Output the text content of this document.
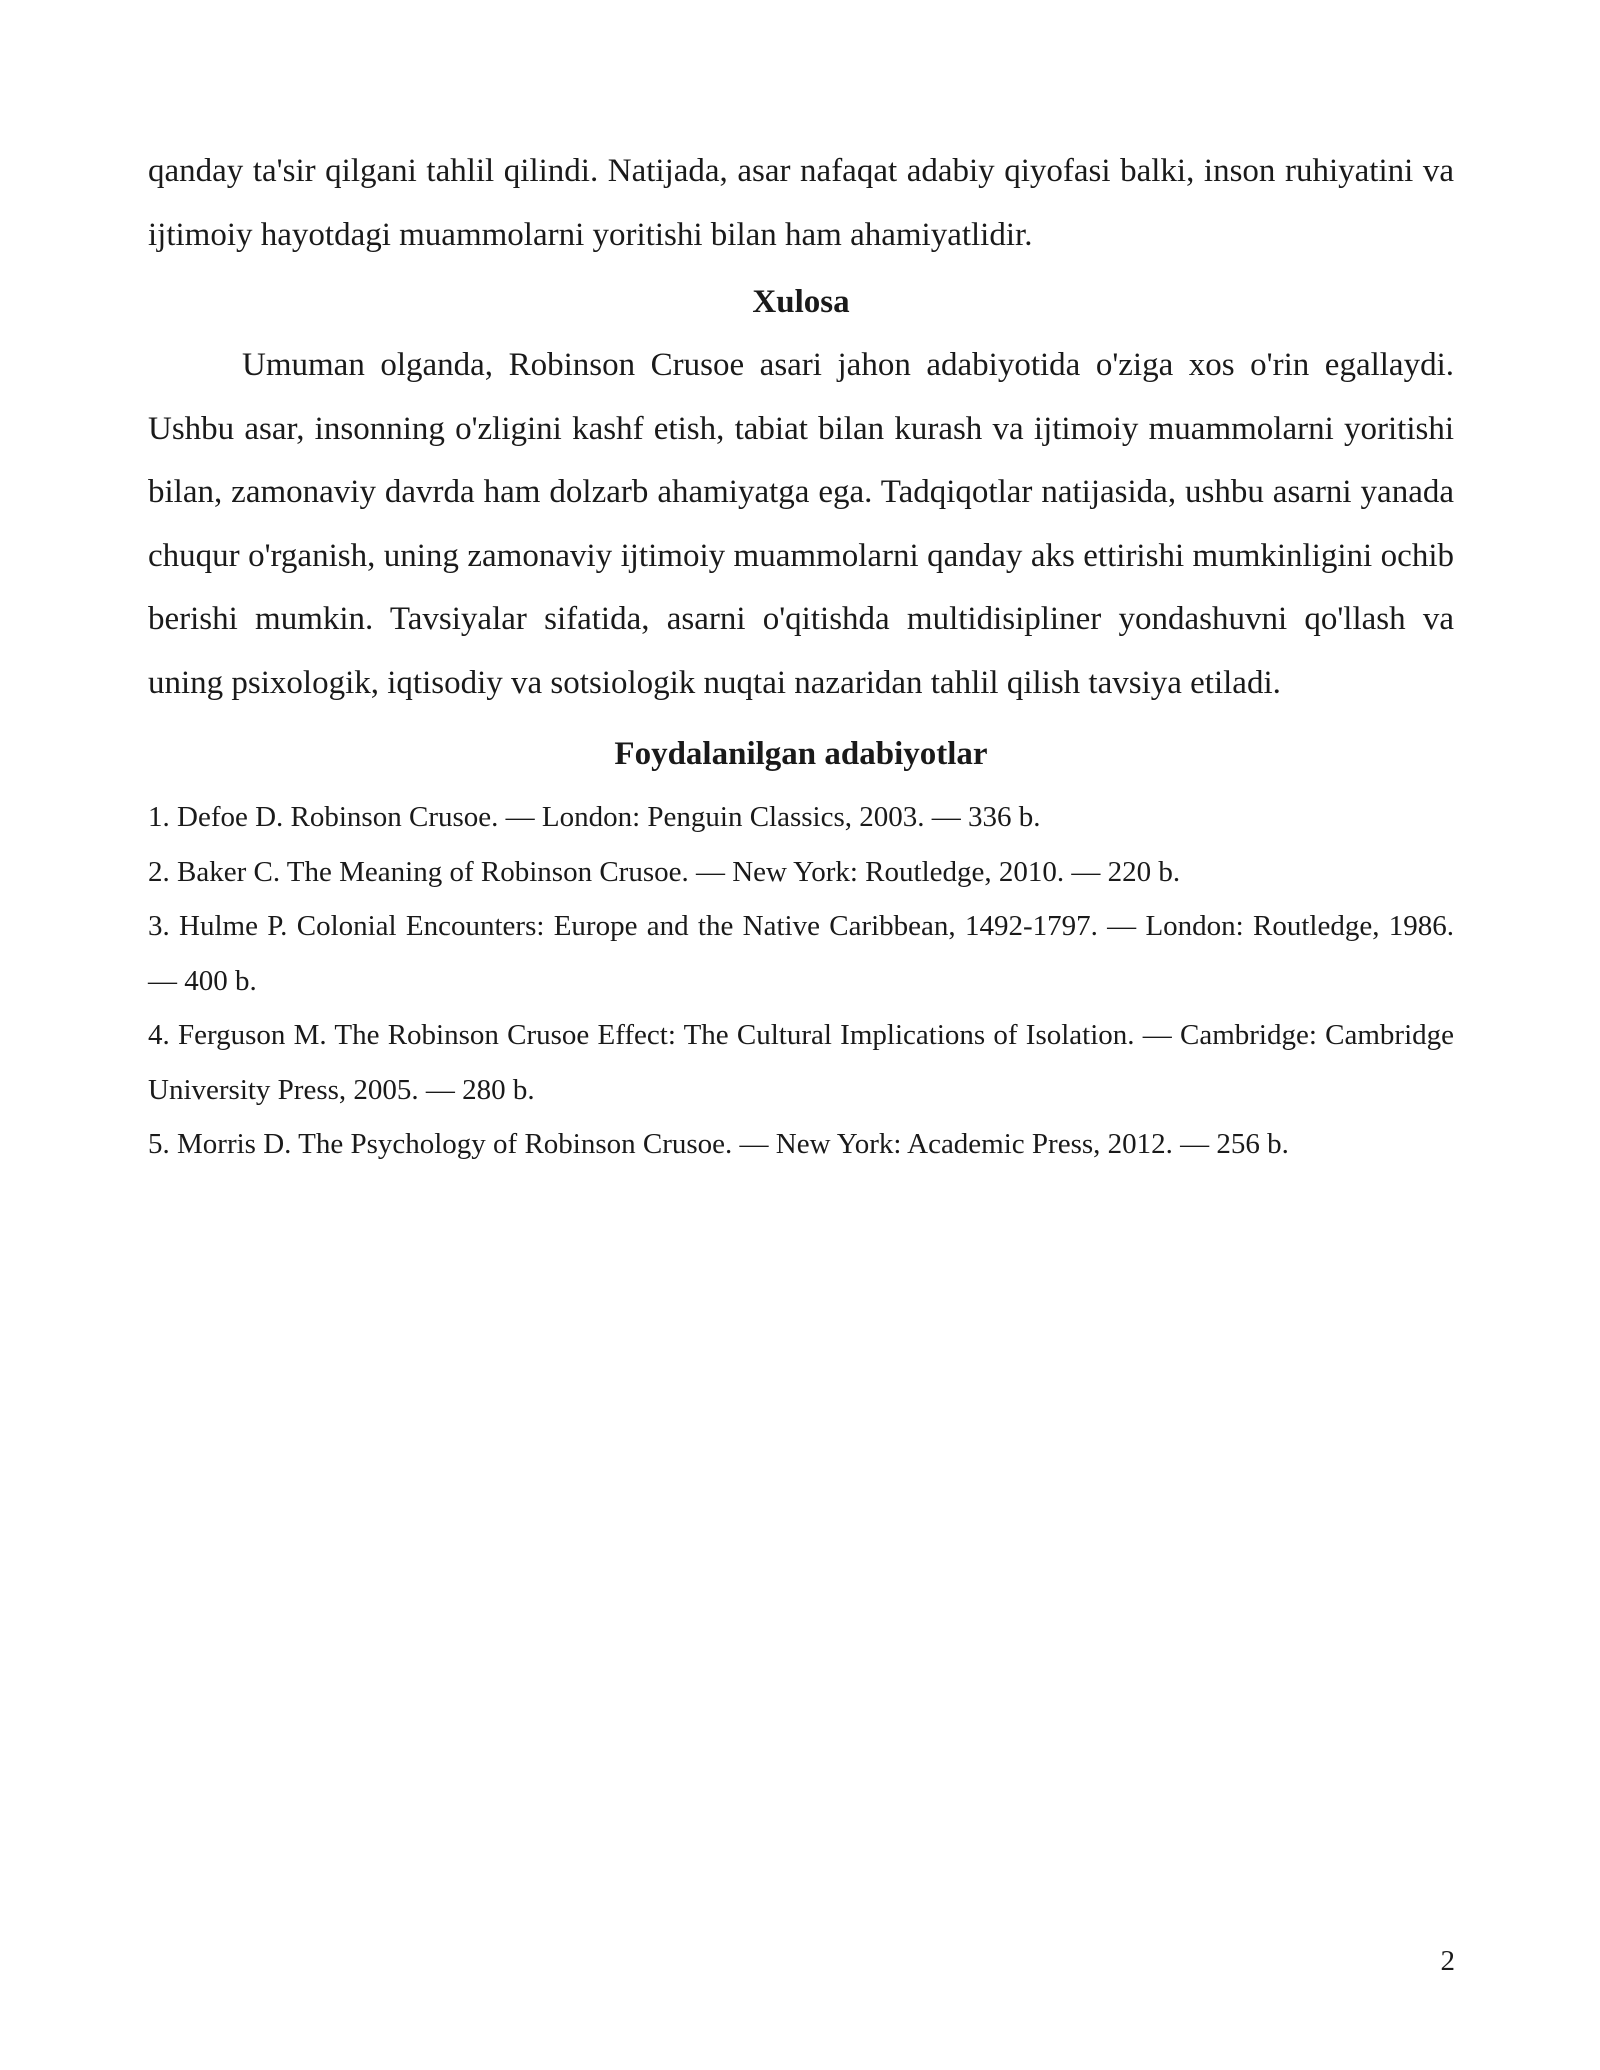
qanday ta'sir qilgani tahlil qilindi. Natijada, asar nafaqat adabiy qiyofasi balki, inson ruhiyatini va ijtimoiy hayotdagi muammolarni yoritishi bilan ham ahamiyatlidir.

Xulosa

Umuman olganda, Robinson Crusoe asari jahon adabiyotida o'ziga xos o'rin egallaydi. Ushbu asar, insonning o'zligini kashf etish, tabiat bilan kurash va ijtimoiy muammolarni yoritishi bilan, zamonaviy davrda ham dolzarb ahamiyatga ega. Tadqiqotlar natijasida, ushbu asarni yanada chuqur o'rganish, uning zamonaviy ijtimoiy muammolarni qanday aks ettirishi mumkinligini ochib berishi mumkin. Tavsiyalar sifatida, asarni o'qitishda multidisipliner yondashuvni qo'llash va uning psixologik, iqtisodiy va sotsiologik nuqtai nazaridan tahlil qilish tavsiya etiladi.

Foydalanilgan adabiyotlar
1. Defoe D. Robinson Crusoe. — London: Penguin Classics, 2003. — 336 b.
2. Baker C. The Meaning of Robinson Crusoe. — New York: Routledge, 2010. — 220 b.
3. Hulme P. Colonial Encounters: Europe and the Native Caribbean, 1492-1797. — London: Routledge, 1986. — 400 b.
4. Ferguson M. The Robinson Crusoe Effect: The Cultural Implications of Isolation. — Cambridge: Cambridge University Press, 2005. — 280 b.
5. Morris D. The Psychology of Robinson Crusoe. — New York: Academic Press, 2012. — 256 b.
2
